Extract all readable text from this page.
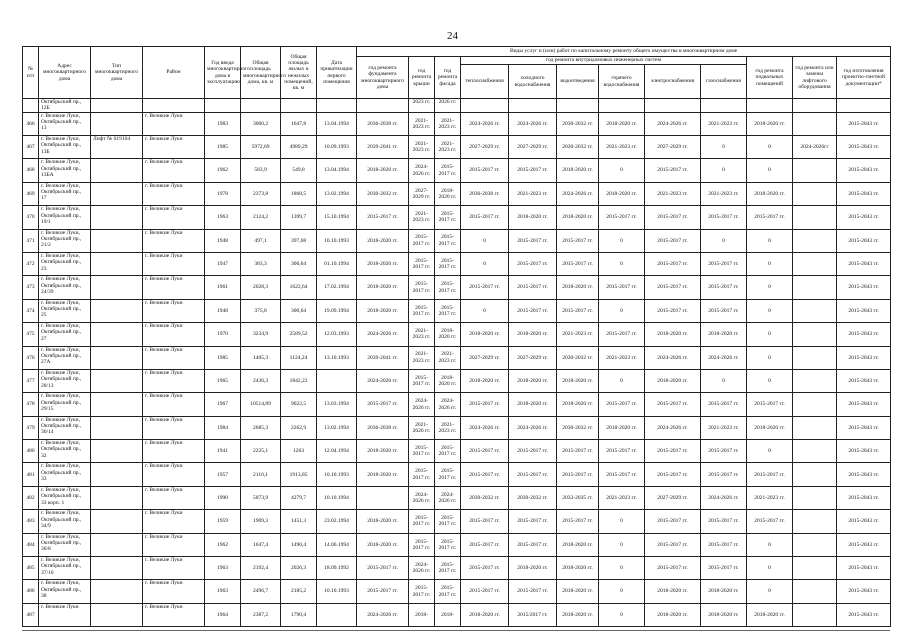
24
№ п/п	Адрес многоквартирного дома	Тип многоквартирного дома	Район	Год ввода многоквартирного дома в эксплуатацию	Общая площадь многоквартирного дома, кв. м	Общая площадь жилых и нежилых помещений, кв. м	Дата приватизации первого помещения	Виды услуг и (или) работ по капитальному ремонту общего имущества в многоквартирном доме											
								год ремонта фундамента многоквартирного дома	год ремонта крыши	год ремонта фасада	год ремонта внутридомовых инженерных систем						год ремонта подвальных помещений	год ремонта или замены лифтового оборудования	год изготовления проектно-сметной документации*
											теплоснабжения	холодного водоснабжения	водоотведения	горячего водоснабжения	электроснабжения	газоснабжения			
	Октябрьский пр., 12Б								2023 гг.	2026 гг.									
466	г. Великие Луки, Октябрьский пр., 13		г. Великие Луки	1983	3060,2	1647,8	13.04.1994	2036-2038 гг.	2021-2023 гг.	2021-2023 гг.	2024-2026 гг.	2024-2026 гг.	2030-2032 гг.	2018-2020 гг.	2024-2026 гг.	2021-2023 гг.	2018-2020 гг.		2015-2043 гг.
467	г. Великие Луки, Октябрьский пр., 13Б	Лифт № 019104	г. Великие Луки	1985	5972,69	4989,29	10.09.1993	2039-2041 гг.	2021-2023 гг.	2021-2023 гг.	2027-2029 гг.	2027-2029 гг.	2030-2032 гг.	2021-2023 гг.	2027-2029 гг.	0	0	2024-2026гг	2015-2043 гг.
468	г. Великие Луки, Октябрьский пр., 13БА		г. Великие Луки	1962	583,9	549,8	13.04.1994	2018-2020 гг.	2024-2026 гг.	2015-2017 гг.	2015-2017 гг.	2015-2017 гг.	2018-2020 гг.	0	2015-2017 гг.	0	0		2015-2043 гг.
469	г. Великие Луки, Октябрьский пр., 17		г. Великие Луки	1978	2373,8	1868,5	13.02.1994	2030-2032 гг.	2027-2029 гг.	2018-2020 гг.	2036-2038 гг.	2021-2023 гг.	2024-2026 гг.	2018-2020 гг.	2021-2023 гг.	2021-2023 гг.	2018-2020 гг.		2015-2043 гг.
470	г. Великие Луки, Октябрьский пр., 19/1		г. Великие Луки	1963	2124,2	1399,7	15.10.1994	2015-2017 гг.	2021-2023 гг.	2015-2017 гг.	2015-2017 гг.	2018-2020 гг.	2018-2020 гг.	2015-2017 гг.	2015-2017 гг.	2015-2017 гг.	2015-2017 гг.		2015-2043 гг.
471	г. Великие Луки, Октябрьский пр., 21/2		г. Великие Луки	1948	497,1	397,68	10.10.1993	2018-2020 гг.	2015-2017 гг.	2015-2017 гг.	0	2015-2017 гг.	2015-2017 гг.	0	2015-2017 гг.	0	0		2015-2043 гг.
472	г. Великие Луки, Октябрьский пр., 23		г. Великие Луки	1947	383,3	306,64	01.10.1994	2018-2020 гг.	2015-2017 гг.	2015-2017 гг.	0	2015-2017 гг.	2015-2017 гг.	0	2015-2017 гг.	2015-2017 гг.	0		2015-2043 гг.
473	г. Великие Луки, Октябрьский пр., 24/39		г. Великие Луки	1961	2028,3	1622,64	17.02.1994	2018-2020 гг.	2015-2017 гг.	2015-2017 гг.	2015-2017 гг.	2015-2017 гг.	2018-2020 гг.	2015-2017 гг.	2015-2017 гг.	2015-2017 гг.	0		2015-2043 гг.
474	г. Великие Луки, Октябрьский пр., 25		г. Великие Луки	1948	375,8	300,64	19.09.1994	2018-2020 гг.	2015-2017 гг.	2015-2017 гг.	0	2015-2017 гг.	2015-2017 гг.	0	2015-2017 гг.	2015-2017 гг.	0		2015-2043 гг.
475	г. Великие Луки, Октябрьский пр., 27		г. Великие Луки	1970	3234,9	2589,52	12.03.1993	2024-2026 гг.	2021-2023 гг.	2018-2020 гг.	2018-2020 гг.	2018-2020 гг.	2021-2023 гг.	2015-2017 гг.	2018-2020 гг.	2018-2020 гг.	0		2015-2043 гг.
476	г. Великие Луки, Октябрьский пр., 27А		г. Великие Луки	1985	1405,3	1124,24	13.10.1993	2039-2041 гг.	2021-2023 гг.	2021-2023 гг.	2027-2029 гг.	2027-2029 гг.	2030-2032 гг.	2021-2023 гг.	2024-2026 гг.	2024-2026 гг.	0		2015-2043 гг.
477	г. Великие Луки, Октябрьский пр., 28/13		г. Великие Луки	1965	2436,3	1842,22		2024-2026 гг.	2015-2017 гг.	2018-2020 гг.	2018-2020 гг.	2018-2020 гг.	2018-2020 гг.	0	2018-2020 гг.	0	0		2015-2043 гг.
478	г. Великие Луки, Октябрьский пр., 29/15		г. Великие Луки	1967	10514,89	9022,5	13.03.1994	2015-2017 гг.	2024-2026 гг.	2024-2026 гг.	2015-2017 гг.	2018-2020 гг.	2018-2020 гг.	2015-2017 гг.	2015-2017 гг.	2015-2017 гг.	2015-2017 гг.		2015-2043 гг.
479	г. Великие Луки, Октябрьский пр., 30/14		г. Великие Луки	1984	2685,3	2262,9	13.02.1994	2036-2038 гг.	2021-2026 гг.	2021-2023 гг.	2024-2026 гг.	2024-2026 гг.	2030-2032 гг.	2018-2020 гг.	2024-2026 гг.	2021-2023 гг.	2018-2020 гг.		2015-2043 гг.
480	г. Великие Луки, Октябрьский пр., 32		г. Великие Луки	1941	2225,1	1263	12.04.1994	2018-2020 гг.	2015-2017 гг.	2015-2017 гг.	2015-2017 гг.	2015-2017 гг.	2015-2017 гг.	2015-2017 гг.	2015-2017 гг.	2015-2017 гг.	0		2015-2043 гг.
481	г. Великие Луки, Октябрьский пр., 33		г. Великие Луки	1957	2110,1	1913,85	10.10.1993	2018-2020 гг.	2015-2017 гг.	2015-2017 гг.	2015-2017 гг.	2015-2017 гг.	2015-2017 гг.	2015-2017 гг.	2015-2017 гг.	2015-2017 гг.	2015-2017 гг.		2015-2043 гг.
482	г. Великие Луки, Октябрьский пр., 33 корп. 1		г. Великие Луки	1990	5073,9	4279,7	10.10.1994		2024-2026 гг.	2024-2026 гг.	2030-2032 гг.	2030-2032 гг.	2033-2035 гг.	2021-2023 гг.	2027-2029 гг.	2024-2026 гг.	2021-2023 гг.		2015-2043 гг.
483	г. Великие Луки, Октябрьский пр., 34/9		г. Великие Луки	1959	1909,3	1451,3	23.02.1994	2018-2020 гг.	2015-2017 гг.	2015-2017 гг.	2015-2017 гг.	2015-2017 гг.	2015-2017 гг.	0	2015-2017 гг.	2015-2017 гг.	2015-2017 гг.		2015-2043 гг.
484	г. Великие Луки, Октябрьский пр., 36/8		г. Великие Луки	1962	1647,4	1490,4	14.06.1994	2018-2020 гг.	2015-2017 гг.	2015-2017 гг.	2015-2017 гг.	2015-2017 гг.	2018-2020 гг.	0	2015-2017 гг.	2015-2017 гг.	0		2015-2043 гг.
485	г. Великие Луки, Октябрьский пр., 37/16		г. Великие Луки	1963	2192,4	2026,3	18.09.1992	2015-2017 гг.	2024-2026 гг.	2015-2017 гг.	2015-2017 гг.	2018-2020 гг.	2018-2020 гг.	0	2015-2017 гг.	2015-2017 гг.	0		2015-2043 гг.
486	г. Великие Луки, Октябрьский пр., 38		г. Великие Луки	1963	2496,7	2185,2	10.10.1993	2015-2017 гг.	2015-2017 гг.	2015-2017 гг.	2015-2017 гг.	2015-2017 гг.	2018-2020 гг.	0	2018-2020 гг.	2018-2020 гг.	0		2015-2043 гг.
487	г. Великие Луки		г. Великие Луки	1964	2387,2	1790,4		2024-2026 гг.	2018-	2018-	2018-2020 гг.	2015/2017 гг.	2018-2020 гг.	0	2018-2020 гг.	2018-2020 гг.	2018-2020 гг.		2015-2043 гг.
